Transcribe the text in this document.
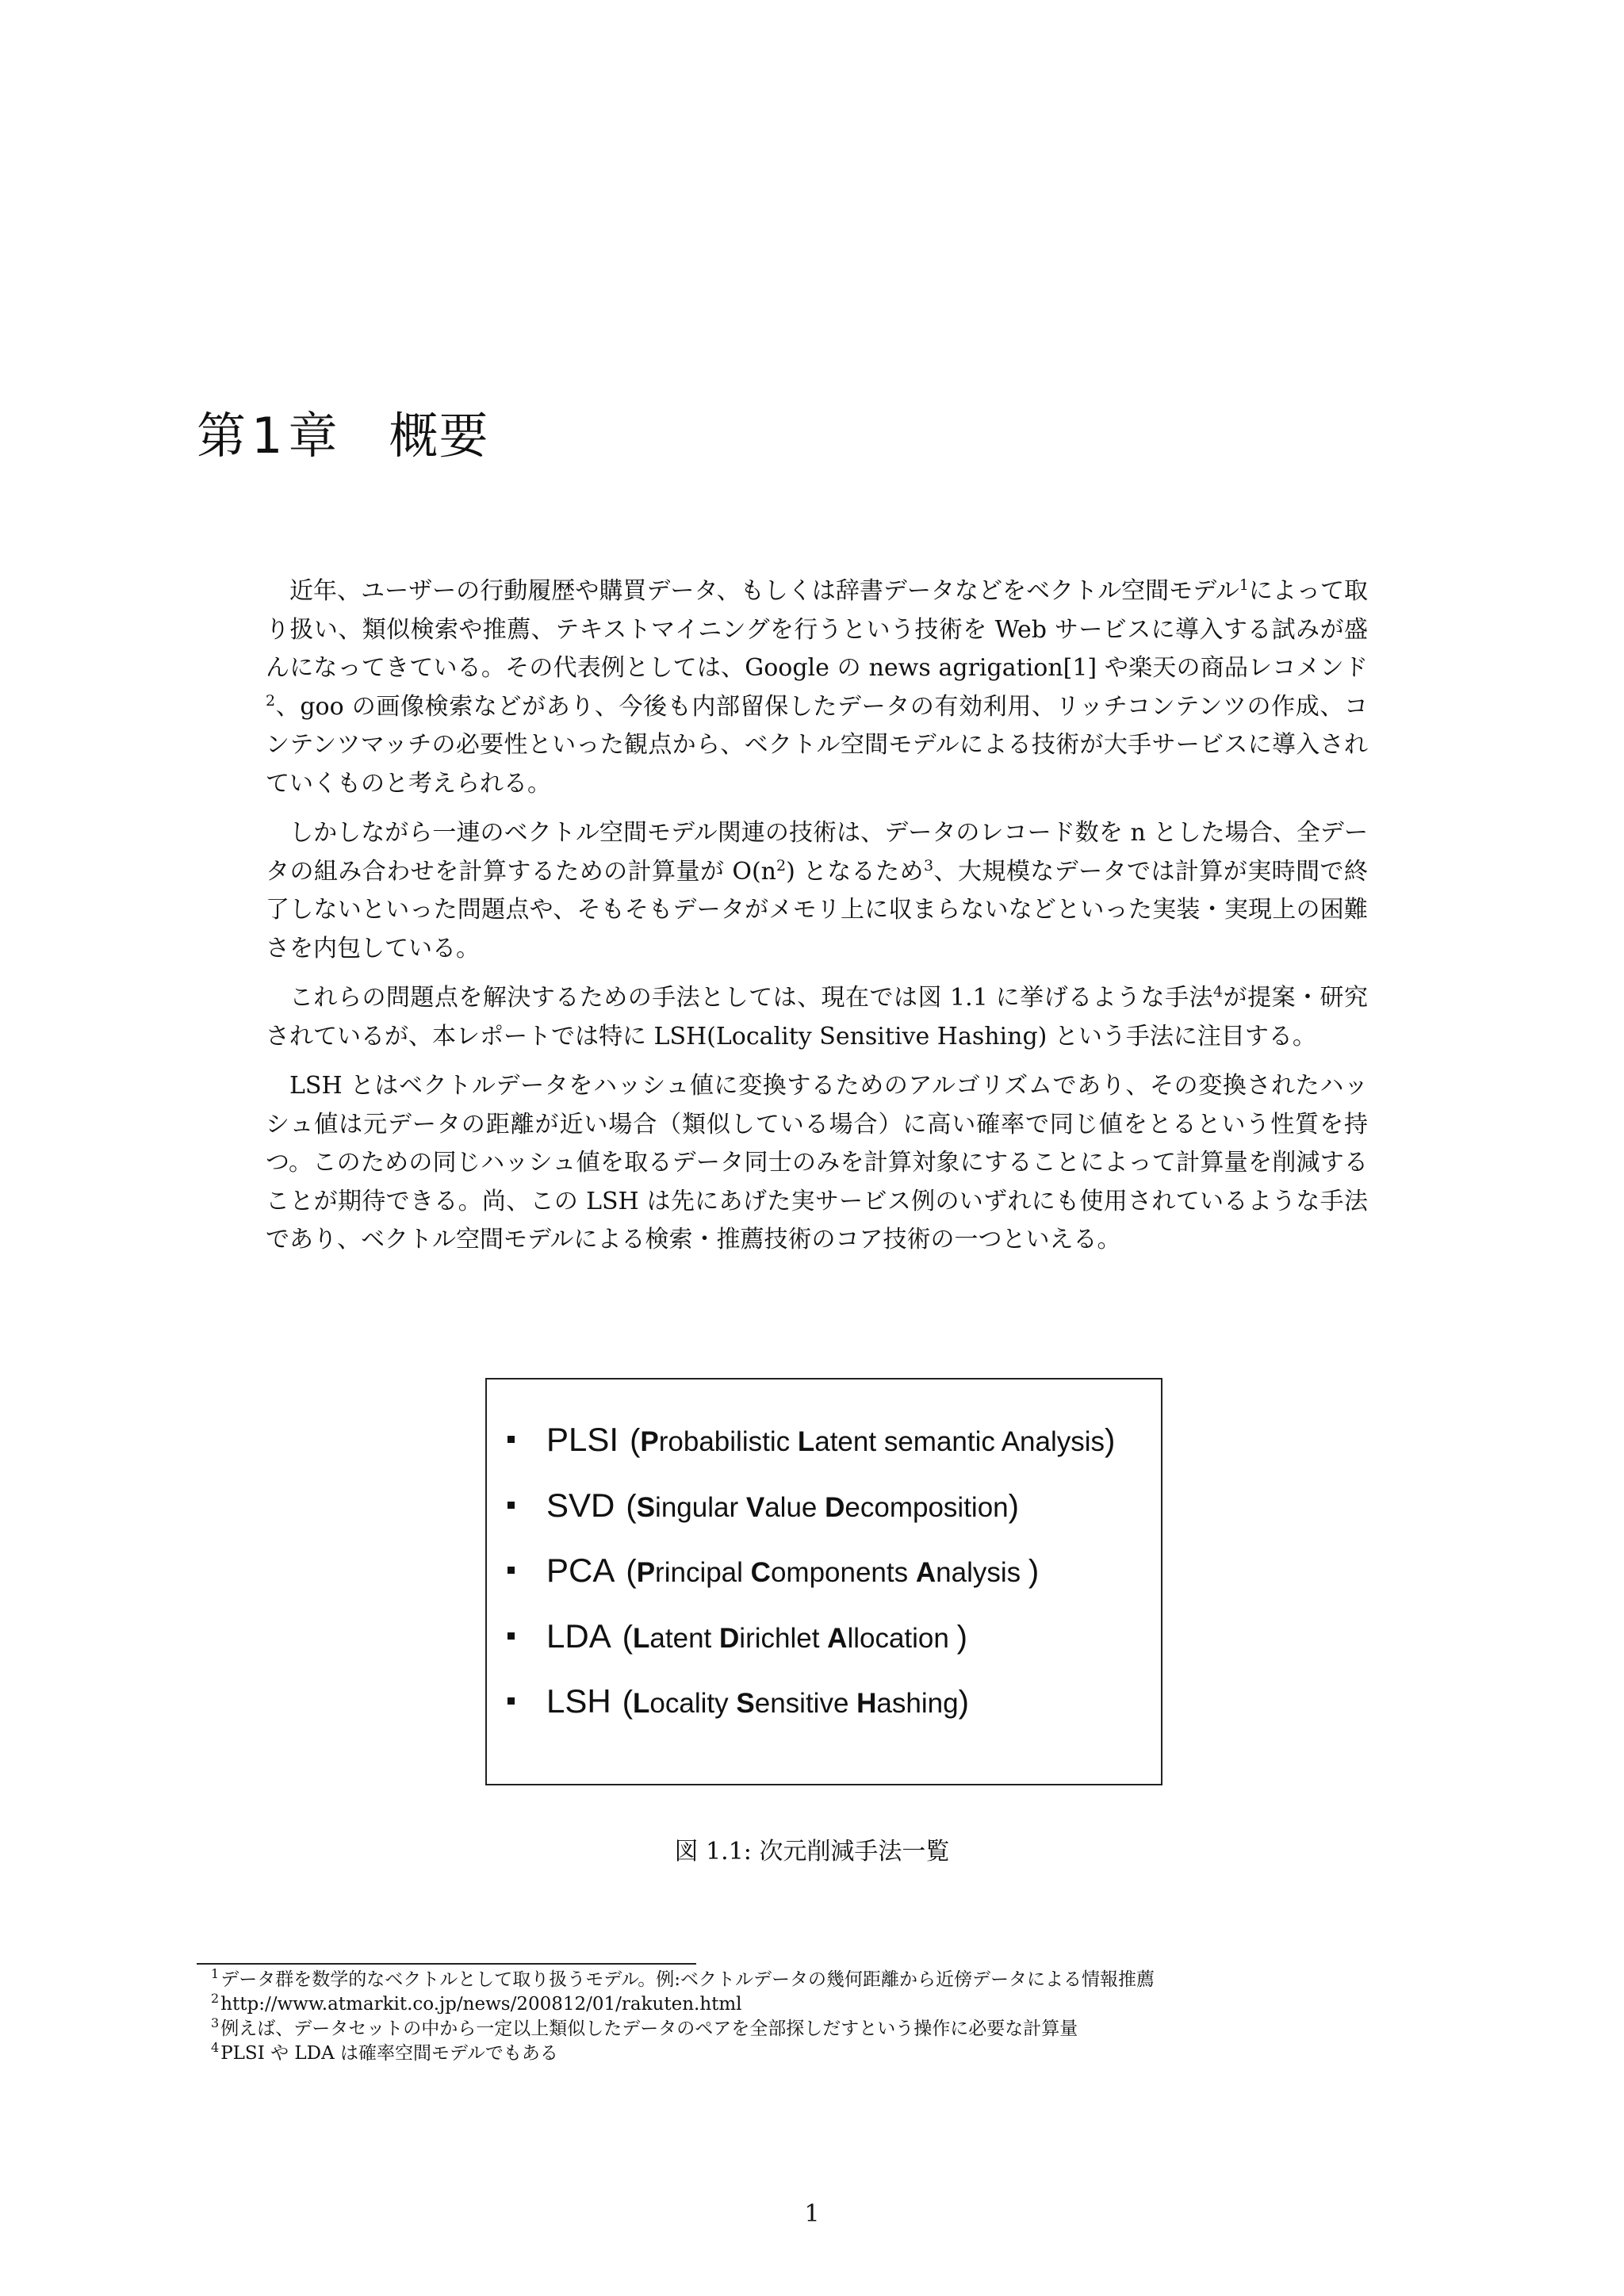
第1章 概要

近年、ユーザーの行動履歴や購買データ、もしくは辞書データなどをベクトル空間モデル$^1$によって取り扱い、類似検索や推薦、テキストマイニングを行うという技術を Web サービスに導入する試みが盛んになってきている。その代表例としては、Google の news agrigation[1] や楽天の商品レコメンド $^2$、goo の画像検索などがあり、今後も内部留保したデータの有効利用、リッチコンテンツの作成、コンテンツマッチの必要性といった観点から、ベクトル空間モデルによる技術が大手サービスに導入されていくものと考えられる。

しかしながら一連のベクトル空間モデル関連の技術は、データのレコード数を n とした場合、全データの組み合わせを計算するための計算量が $O(n^2)$ となるため$^3$、大規模なデータでは計算が実時間で終了しないといった問題点や、そもそもデータがメモリ上に収まらないなどといった実装・実現上の困難さを内包している。

これらの問題点を解決するための手法としては、現在では図 1.1 に挙げるような手法$^4$が提案・研究されているが、本レポートでは特に LSH(Locality Sensitive Hashing) という手法に注目する。

LSH とはベクトルデータをハッシュ値に変換するためのアルゴリズムであり、その変換されたハッシュ値は元データの距離が近い場合（類似している場合）に高い確率で同じ値をとるという性質を持つ。このための同じハッシュ値を取るデータ同士のみを計算対象にすることによって計算量を削減することが期待できる。尚、この LSH は先にあげた実サービス例のいずれにも使用されているような手法であり、ベクトル空間モデルによる検索・推薦技術のコア技術の一つといえる。

PLSI (Probabilistic Latent semantic Analysis)
SVD (Singular Value Decomposition)
PCA (Principal Components Analysis )
LDA (Latent Dirichlet Allocation )
LSH (Locality Sensitive Hashing)
図 1.1: 次元削減手法一覧

$^1$データ群を数学的なベクトルとして取り扱うモデル。例:ベクトルデータの幾何距離から近傍データによる情報推薦

$^2$http://www.atmarkit.co.jp/news/200812/01/rakuten.html

$^3$例えば、データセットの中から一定以上類似したデータのペアを全部探しだすという操作に必要な計算量

$^4$PLSI や LDA は確率空間モデルでもある

1
